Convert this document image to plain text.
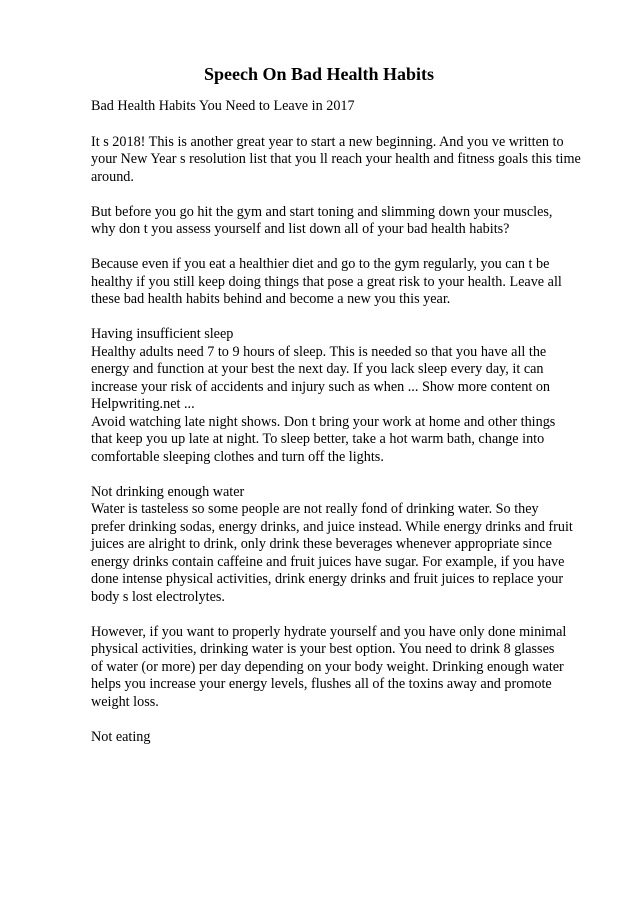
Speech On Bad Health Habits
Bad Health Habits You Need to Leave in 2017
It s 2018! This is another great year to start a new beginning. And you ve written to
your New Year s resolution list that you ll reach your health and fitness goals this time
around.
But before you go hit the gym and start toning and slimming down your muscles,
why don t you assess yourself and list down all of your bad health habits?
Because even if you eat a healthier diet and go to the gym regularly, you can t be
healthy if you still keep doing things that pose a great risk to your health. Leave all
these bad health habits behind and become a new you this year.
Having insufficient sleep
Healthy adults need 7 to 9 hours of sleep. This is needed so that you have all the
energy and function at your best the next day. If you lack sleep every day, it can
increase your risk of accidents and injury such as when ... Show more content on
Helpwriting.net ...
Avoid watching late night shows. Don t bring your work at home and other things
that keep you up late at night. To sleep better, take a hot warm bath, change into
comfortable sleeping clothes and turn off the lights.
Not drinking enough water
Water is tasteless so some people are not really fond of drinking water. So they
prefer drinking sodas, energy drinks, and juice instead. While energy drinks and fruit
juices are alright to drink, only drink these beverages whenever appropriate since
energy drinks contain caffeine and fruit juices have sugar. For example, if you have
done intense physical activities, drink energy drinks and fruit juices to replace your
body s lost electrolytes.
However, if you want to properly hydrate yourself and you have only done minimal
physical activities, drinking water is your best option. You need to drink 8 glasses
of water (or more) per day depending on your body weight. Drinking enough water
helps you increase your energy levels, flushes all of the toxins away and promote
weight loss.
Not eating
